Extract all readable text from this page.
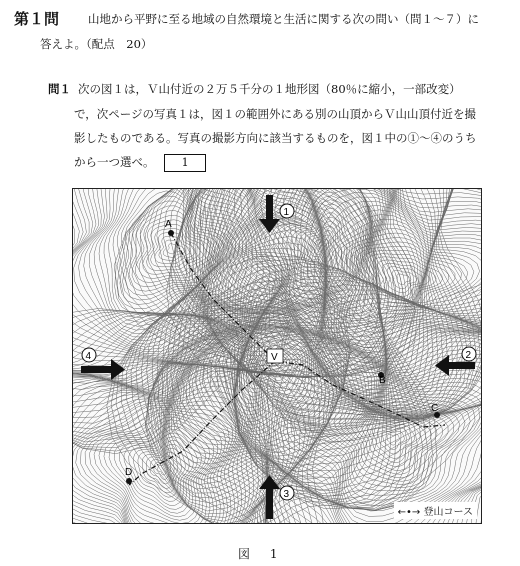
第１問	山地から平野に至る地域の自然環境と生活に関する次の問い（問１～７）に
答えよ。（配点　20）
問１ 次の図１は，Ｖ山付近の２万５千分の１地形図（80％に縮小，一部改変）
で，次ページの写真１は，図１の範囲外にある別の山頂からＶ山山頂付近を撮
影したものである。写真の撮影方向に該当するものを，図１中の①～④のうち
から一つ選べ。 1
A
B
C
D
V
1
2
3
4
←•→ 登山コース
図 1
